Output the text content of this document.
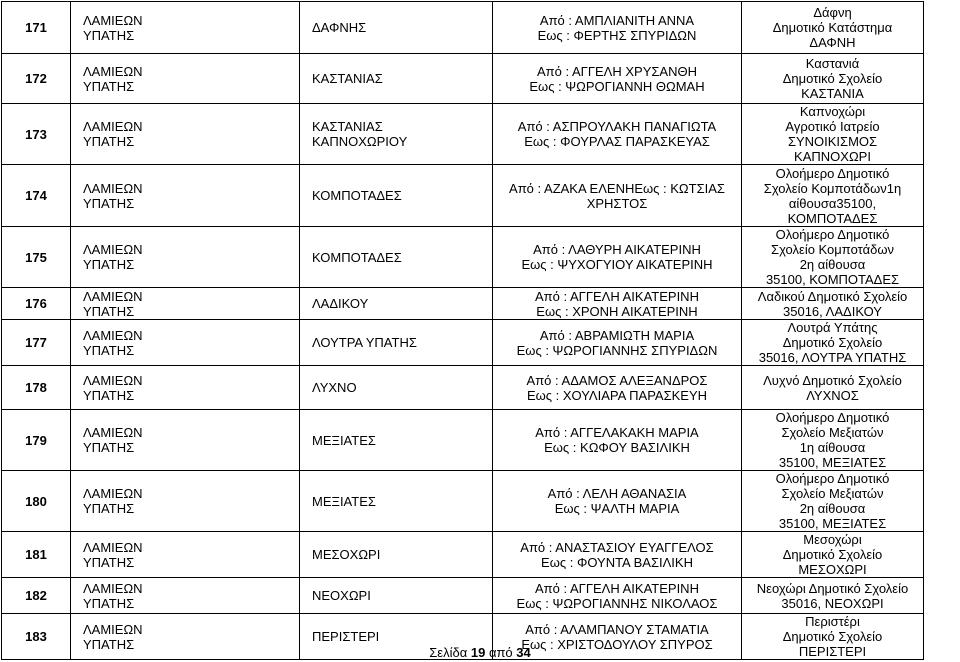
171	ΛΑΜΙΕΩΝ
ΥΠΑΤΗΣ	ΔΑΦΝΗΣ	Από : ΑΜΠΛΙΑΝΙΤΗ ΑΝΝΑ
Εως : ΦΕΡΤΗΣ ΣΠΥΡΙΔΩΝ	Δάφνη
Δημοτικό Κατάστημα
ΔΑΦΝΗ

172	ΛΑΜΙΕΩΝ
ΥΠΑΤΗΣ	ΚΑΣΤΑΝΙΑΣ	Από : ΑΓΓΕΛΗ ΧΡΥΣΑΝΘΗ
Εως : ΨΩΡΟΓΙΑΝΝΗ ΘΩΜΑΗ	Καστανιά
Δημοτικό Σχολείο
ΚΑΣΤΑΝΙΑ

173	ΛΑΜΙΕΩΝ
ΥΠΑΤΗΣ	ΚΑΣΤΑΝΙΑΣ
ΚΑΠΝΟΧΩΡΙΟΥ	Από : ΑΣΠΡΟΥΛΑΚΗ ΠΑΝΑΓΙΩΤΑ
Εως : ΦΟΥΡΛΑΣ ΠΑΡΑΣΚΕΥΑΣ	Καπνοχώρι
Αγροτικό Ιατρείο
ΣΥΝΟΙΚΙΣΜΟΣ
ΚΑΠΝΟΧΩΡΙ

174	ΛΑΜΙΕΩΝ
ΥΠΑΤΗΣ	ΚΟΜΠΟΤΑΔΕΣ	Από : ΑΖΑΚΑ ΕΛΕΝΗΕως : ΚΩΤΣΙΑΣ
ΧΡΗΣΤΟΣ	Ολοήμερο Δημοτικό
Σχολείο Κομποτάδων1η
αίθουσα35100,
ΚΟΜΠΟΤΑΔΕΣ

175	ΛΑΜΙΕΩΝ
ΥΠΑΤΗΣ	ΚΟΜΠΟΤΑΔΕΣ	Από : ΛΑΘΥΡΗ ΑΙΚΑΤΕΡΙΝΗ
Εως : ΨΥΧΟΓΥΙΟΥ ΑΙΚΑΤΕΡΙΝΗ	Ολοήμερο Δημοτικό
Σχολείο Κομποτάδων
2η αίθουσα
35100, ΚΟΜΠΟΤΑΔΕΣ

176	ΛΑΜΙΕΩΝ
ΥΠΑΤΗΣ	ΛΑΔΙΚΟΥ	Από : ΑΓΓΕΛΗ ΑΙΚΑΤΕΡΙΝΗ
Εως : ΧΡΟΝΗ ΑΙΚΑΤΕΡΙΝΗ	Λαδικού Δημοτικό Σχολείο
35016, ΛΑΔΙΚΟΥ

177	ΛΑΜΙΕΩΝ
ΥΠΑΤΗΣ	ΛΟΥΤΡΑ ΥΠΑΤΗΣ	Από : ΑΒΡΑΜΙΩΤΗ ΜΑΡΙΑ
Εως : ΨΩΡΟΓΙΑΝΝΗΣ ΣΠΥΡΙΔΩΝ	Λουτρά Υπάτης
Δημοτικό Σχολείο
35016, ΛΟΥΤΡΑ ΥΠΑΤΗΣ

178	ΛΑΜΙΕΩΝ
ΥΠΑΤΗΣ	ΛΥΧΝΟ	Από : ΑΔΑΜΟΣ ΑΛΕΞΑΝΔΡΟΣ
Εως : ΧΟΥΛΙΑΡΑ ΠΑΡΑΣΚΕΥΗ	Λυχνό Δημοτικό Σχολείο
ΛΥΧΝΟΣ

179	ΛΑΜΙΕΩΝ
ΥΠΑΤΗΣ	ΜΕΞΙΑΤΕΣ	Από : ΑΓΓΕΛΑΚΑΚΗ ΜΑΡΙΑ
Εως : ΚΩΦΟΥ ΒΑΣΙΛΙΚΗ	Ολοήμερο Δημοτικό
Σχολείο Μεξιατών
1η αίθουσα
35100, ΜΕΞΙΑΤΕΣ

180	ΛΑΜΙΕΩΝ
ΥΠΑΤΗΣ	ΜΕΞΙΑΤΕΣ	Από : ΛΕΛΗ ΑΘΑΝΑΣΙΑ
Εως : ΨΑΛΤΗ ΜΑΡΙΑ	Ολοήμερο Δημοτικό
Σχολείο Μεξιατών
2η αίθουσα
35100, ΜΕΞΙΑΤΕΣ

181	ΛΑΜΙΕΩΝ
ΥΠΑΤΗΣ	ΜΕΣΟΧΩΡΙ	Από : ΑΝΑΣΤΑΣΙΟΥ ΕΥΑΓΓΕΛΟΣ
Εως : ΦΟΥΝΤΑ ΒΑΣΙΛΙΚΗ	Μεσοχώρι
Δημοτικό Σχολείο
ΜΕΣΟΧΩΡΙ

182	ΛΑΜΙΕΩΝ
ΥΠΑΤΗΣ	ΝΕΟΧΩΡΙ	Από : ΑΓΓΕΛΗ ΑΙΚΑΤΕΡΙΝΗ
Εως : ΨΩΡΟΓΙΑΝΝΗΣ ΝΙΚΟΛΑΟΣ	Νεοχώρι Δημοτικό Σχολείο
35016, ΝΕΟΧΩΡΙ

183	ΛΑΜΙΕΩΝ
ΥΠΑΤΗΣ	ΠΕΡΙΣΤΕΡΙ	Από : ΑΛΑΜΠΑΝΟΥ ΣΤΑΜΑΤΙΑ
Εως : ΧΡΙΣΤΟΔΟΥΛΟΥ ΣΠΥΡΟΣ	Περιστέρι
Δημοτικό Σχολείο
ΠΕΡΙΣΤΕΡΙ
Σελίδα 19 από 34
